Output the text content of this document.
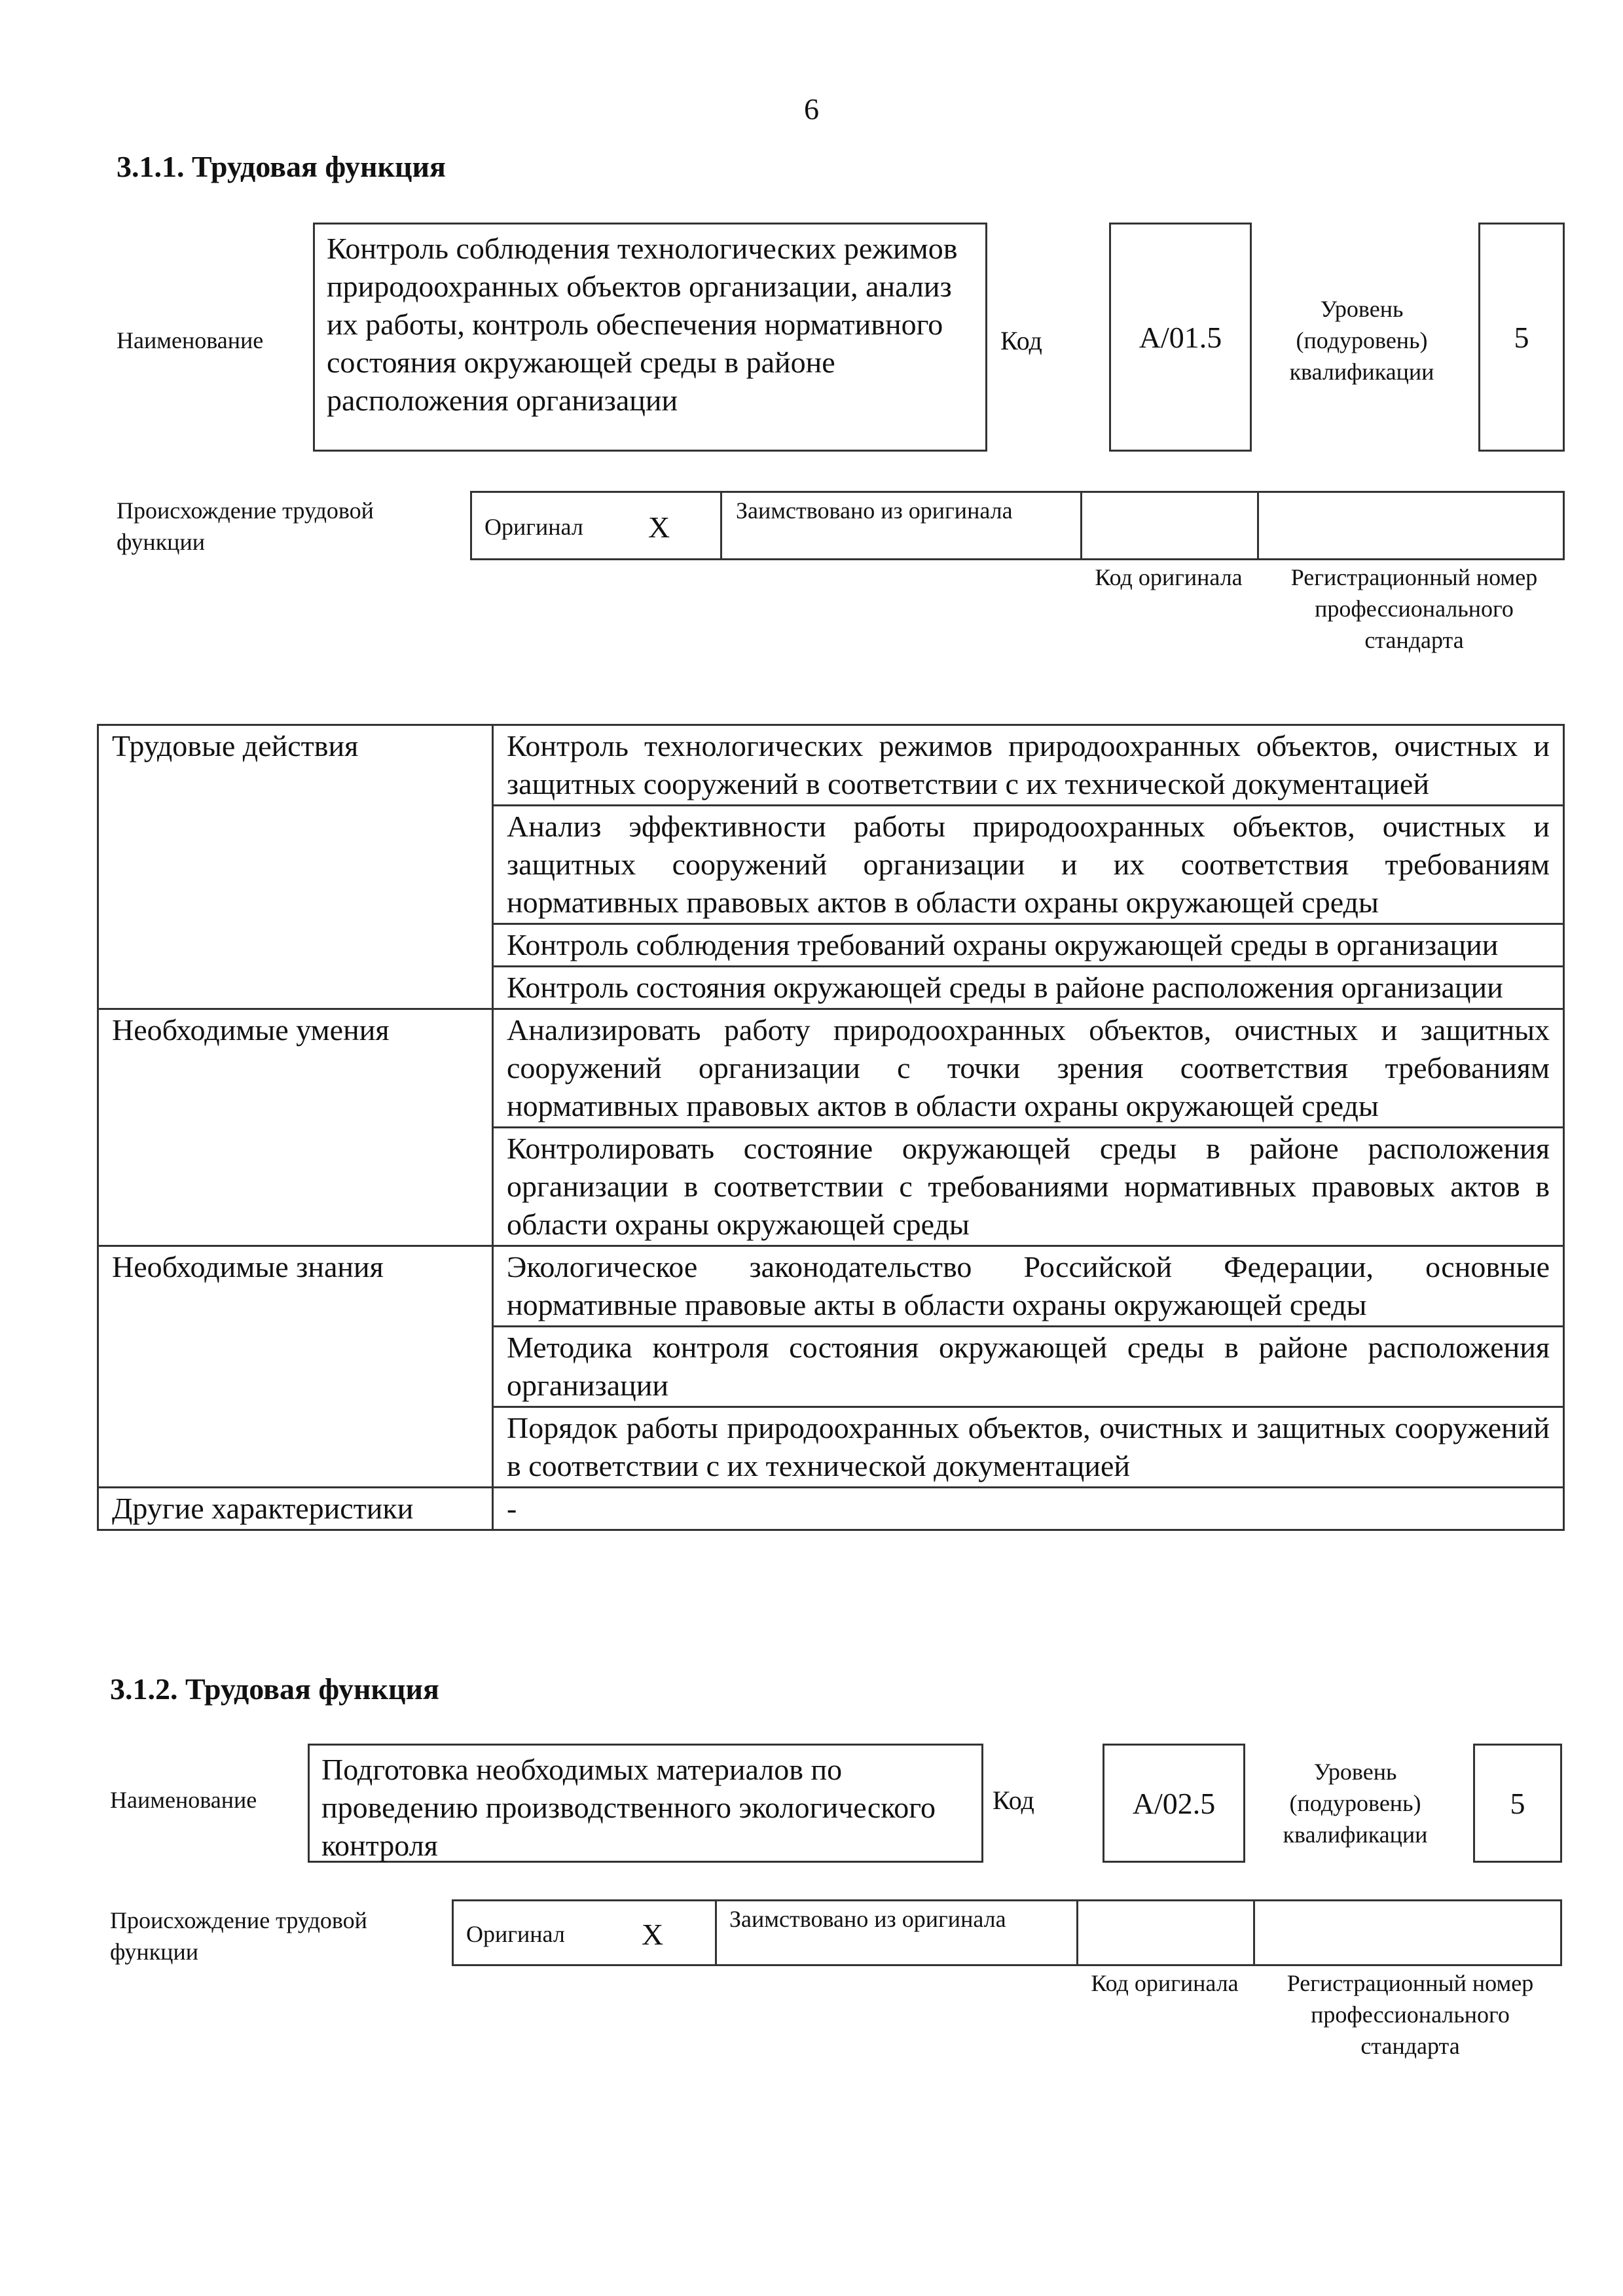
6
3.1.1. Трудовая функция
Наименование
Контроль соблюдения технологических режимов природоохранных объектов организации, анализ их работы, контроль обеспечения нормативного состояния окружающей среды в районе расположения организации
Код	A/01.5
Уровень (подуровень) квалификации
5
Происхождение трудовой функции
Оригинал X	Заимствовано из оригинала
Код оригинала	Регистрационный номер профессионального стандарта
Трудовые действия	Контроль технологических режимов природоохранных объектов, очистных и защитных сооружений в соответствии с их технической документацией
	Анализ эффективности работы природоохранных объектов, очистных и защитных сооружений организации и их соответствия требованиям нормативных правовых актов в области охраны окружающей среды
	Контроль соблюдения требований охраны окружающей среды в организации
	Контроль состояния окружающей среды в районе расположения организации
Необходимые умения	Анализировать работу природоохранных объектов, очистных и защитных сооружений организации с точки зрения соответствия требованиям нормативных правовых актов в области охраны окружающей среды
	Контролировать состояние окружающей среды в районе расположения организации в соответствии с требованиями нормативных правовых актов в области охраны окружающей среды
Необходимые знания	Экологическое законодательство Российской Федерации, основные нормативные правовые акты в области охраны окружающей среды
	Методика контроля состояния окружающей среды в районе расположения организации
	Порядок работы природоохранных объектов, очистных и защитных сооружений в соответствии с их технической документацией
Другие характеристики	-
3.1.2. Трудовая функция
Наименование
Подготовка необходимых материалов по проведению производственного экологического контроля
Код	A/02.5
Уровень (подуровень) квалификации
5
Происхождение трудовой функции
Оригинал	X	Заимствовано из оригинала
Код оригинала	Регистрационный номер профессионального стандарта
